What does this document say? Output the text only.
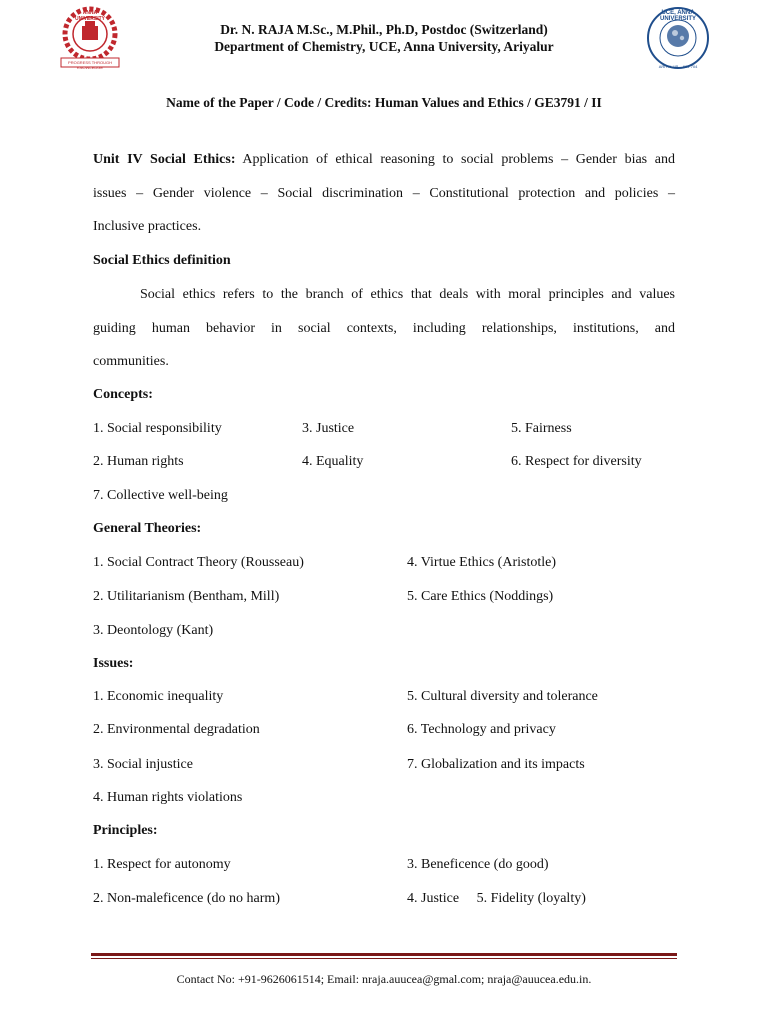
ANNA UNIVERSITY
PROGRESS THROUGH KNOWLEDGE
UCE, ANNA UNIVERSITY
ARIYALUR – 621 704
Dr. N. RAJA M.Sc., M.Phil., Ph.D, Postdoc (Switzerland)
Department of Chemistry, UCE, Anna University, Ariyalur
Name of the Paper / Code / Credits: Human Values and Ethics / GE3791 / II
Unit IV Social Ethics: Application of ethical reasoning to social problems – Gender bias and
issues – Gender violence – Social discrimination – Constitutional protection and policies –
Inclusive practices.
Social Ethics definition
Social ethics refers to the branch of ethics that deals with moral principles and values
guiding human behavior in social contexts, including relationships, institutions, and
communities.
Concepts:
1. Social responsibility	3. Justice	5. Fairness
2. Human rights	4. Equality	6. Respect for diversity
7. Collective well-being
General Theories:
1. Social Contract Theory (Rousseau)	4. Virtue Ethics (Aristotle)
2. Utilitarianism (Bentham, Mill)	5. Care Ethics (Noddings)
3. Deontology (Kant)
Issues:
1. Economic inequality	5. Cultural diversity and tolerance
2. Environmental degradation	6. Technology and privacy
3. Social injustice	7. Globalization and its impacts
4. Human rights violations
Principles:
1. Respect for autonomy	3. Beneficence (do good)
2. Non-maleficence (do no harm)	4. Justice     5. Fidelity (loyalty)
Contact No: +91-9626061514; Email: nraja.auucea@gmal.com; nraja@auucea.edu.in.
